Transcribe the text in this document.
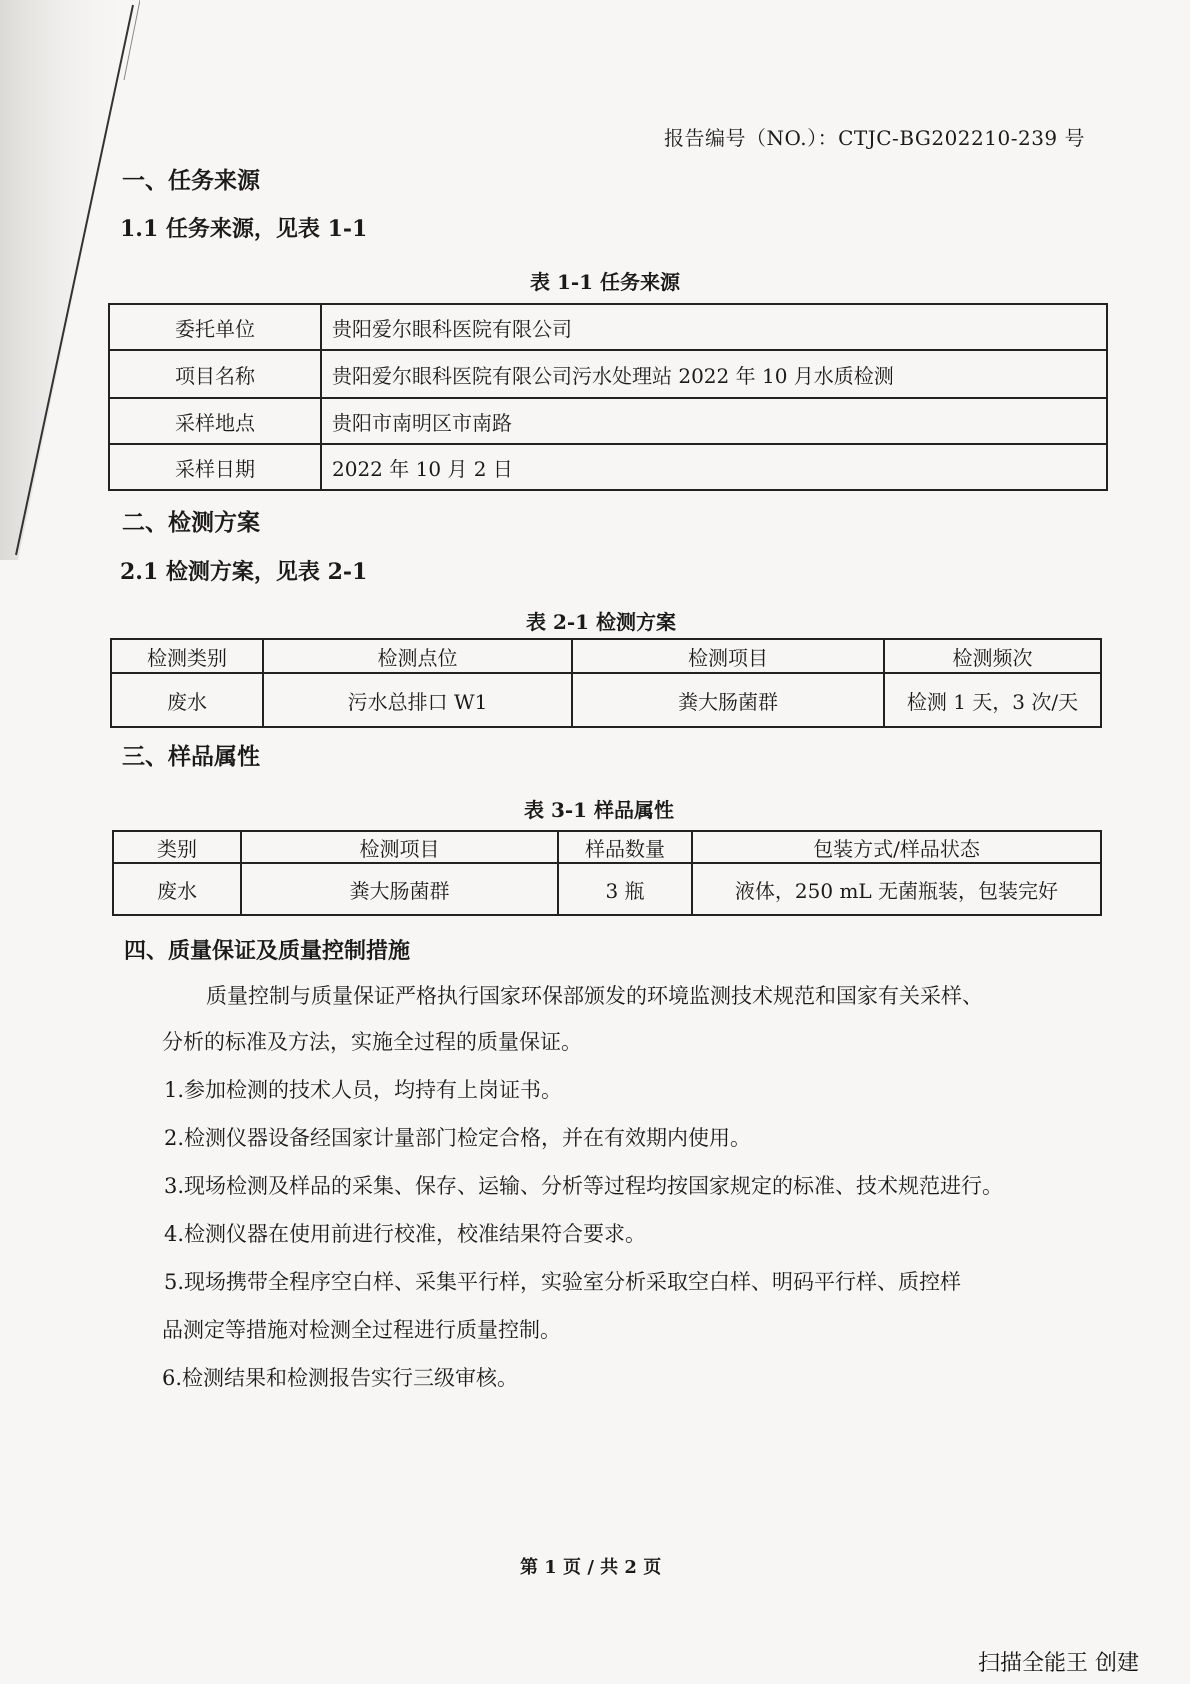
报告编号（NO.）：CTJC-BG202210-239 号
一、任务来源
1.1 任务来源，见表 1-1
表 1-1 任务来源
委托单位	贵阳爱尔眼科医院有限公司
项目名称	贵阳爱尔眼科医院有限公司污水处理站 2022 年 10 月水质检测
采样地点	贵阳市南明区市南路
采样日期	2022 年 10 月 2 日
二、检测方案
2.1 检测方案，见表 2-1
表 2-1 检测方案
检测类别	检测点位	检测项目	检测频次
废水	污水总排口 W1	粪大肠菌群	检测 1 天，3 次/天
三、样品属性
表 3-1 样品属性
类别	检测项目	样品数量	包装方式/样品状态
废水	粪大肠菌群	3 瓶	液体，250 mL 无菌瓶装，包装完好
四、质量保证及质量控制措施
质量控制与质量保证严格执行国家环保部颁发的环境监测技术规范和国家有关采样、
分析的标准及方法，实施全过程的质量保证。
1.参加检测的技术人员，均持有上岗证书。
2.检测仪器设备经国家计量部门检定合格，并在有效期内使用。
3.现场检测及样品的采集、保存、运输、分析等过程均按国家规定的标准、技术规范进行。
4.检测仪器在使用前进行校准，校准结果符合要求。
5.现场携带全程序空白样、采集平行样，实验室分析采取空白样、明码平行样、质控样
品测定等措施对检测全过程进行质量控制。
6.检测结果和检测报告实行三级审核。
第 1 页 / 共 2 页
扫描全能王 创建
